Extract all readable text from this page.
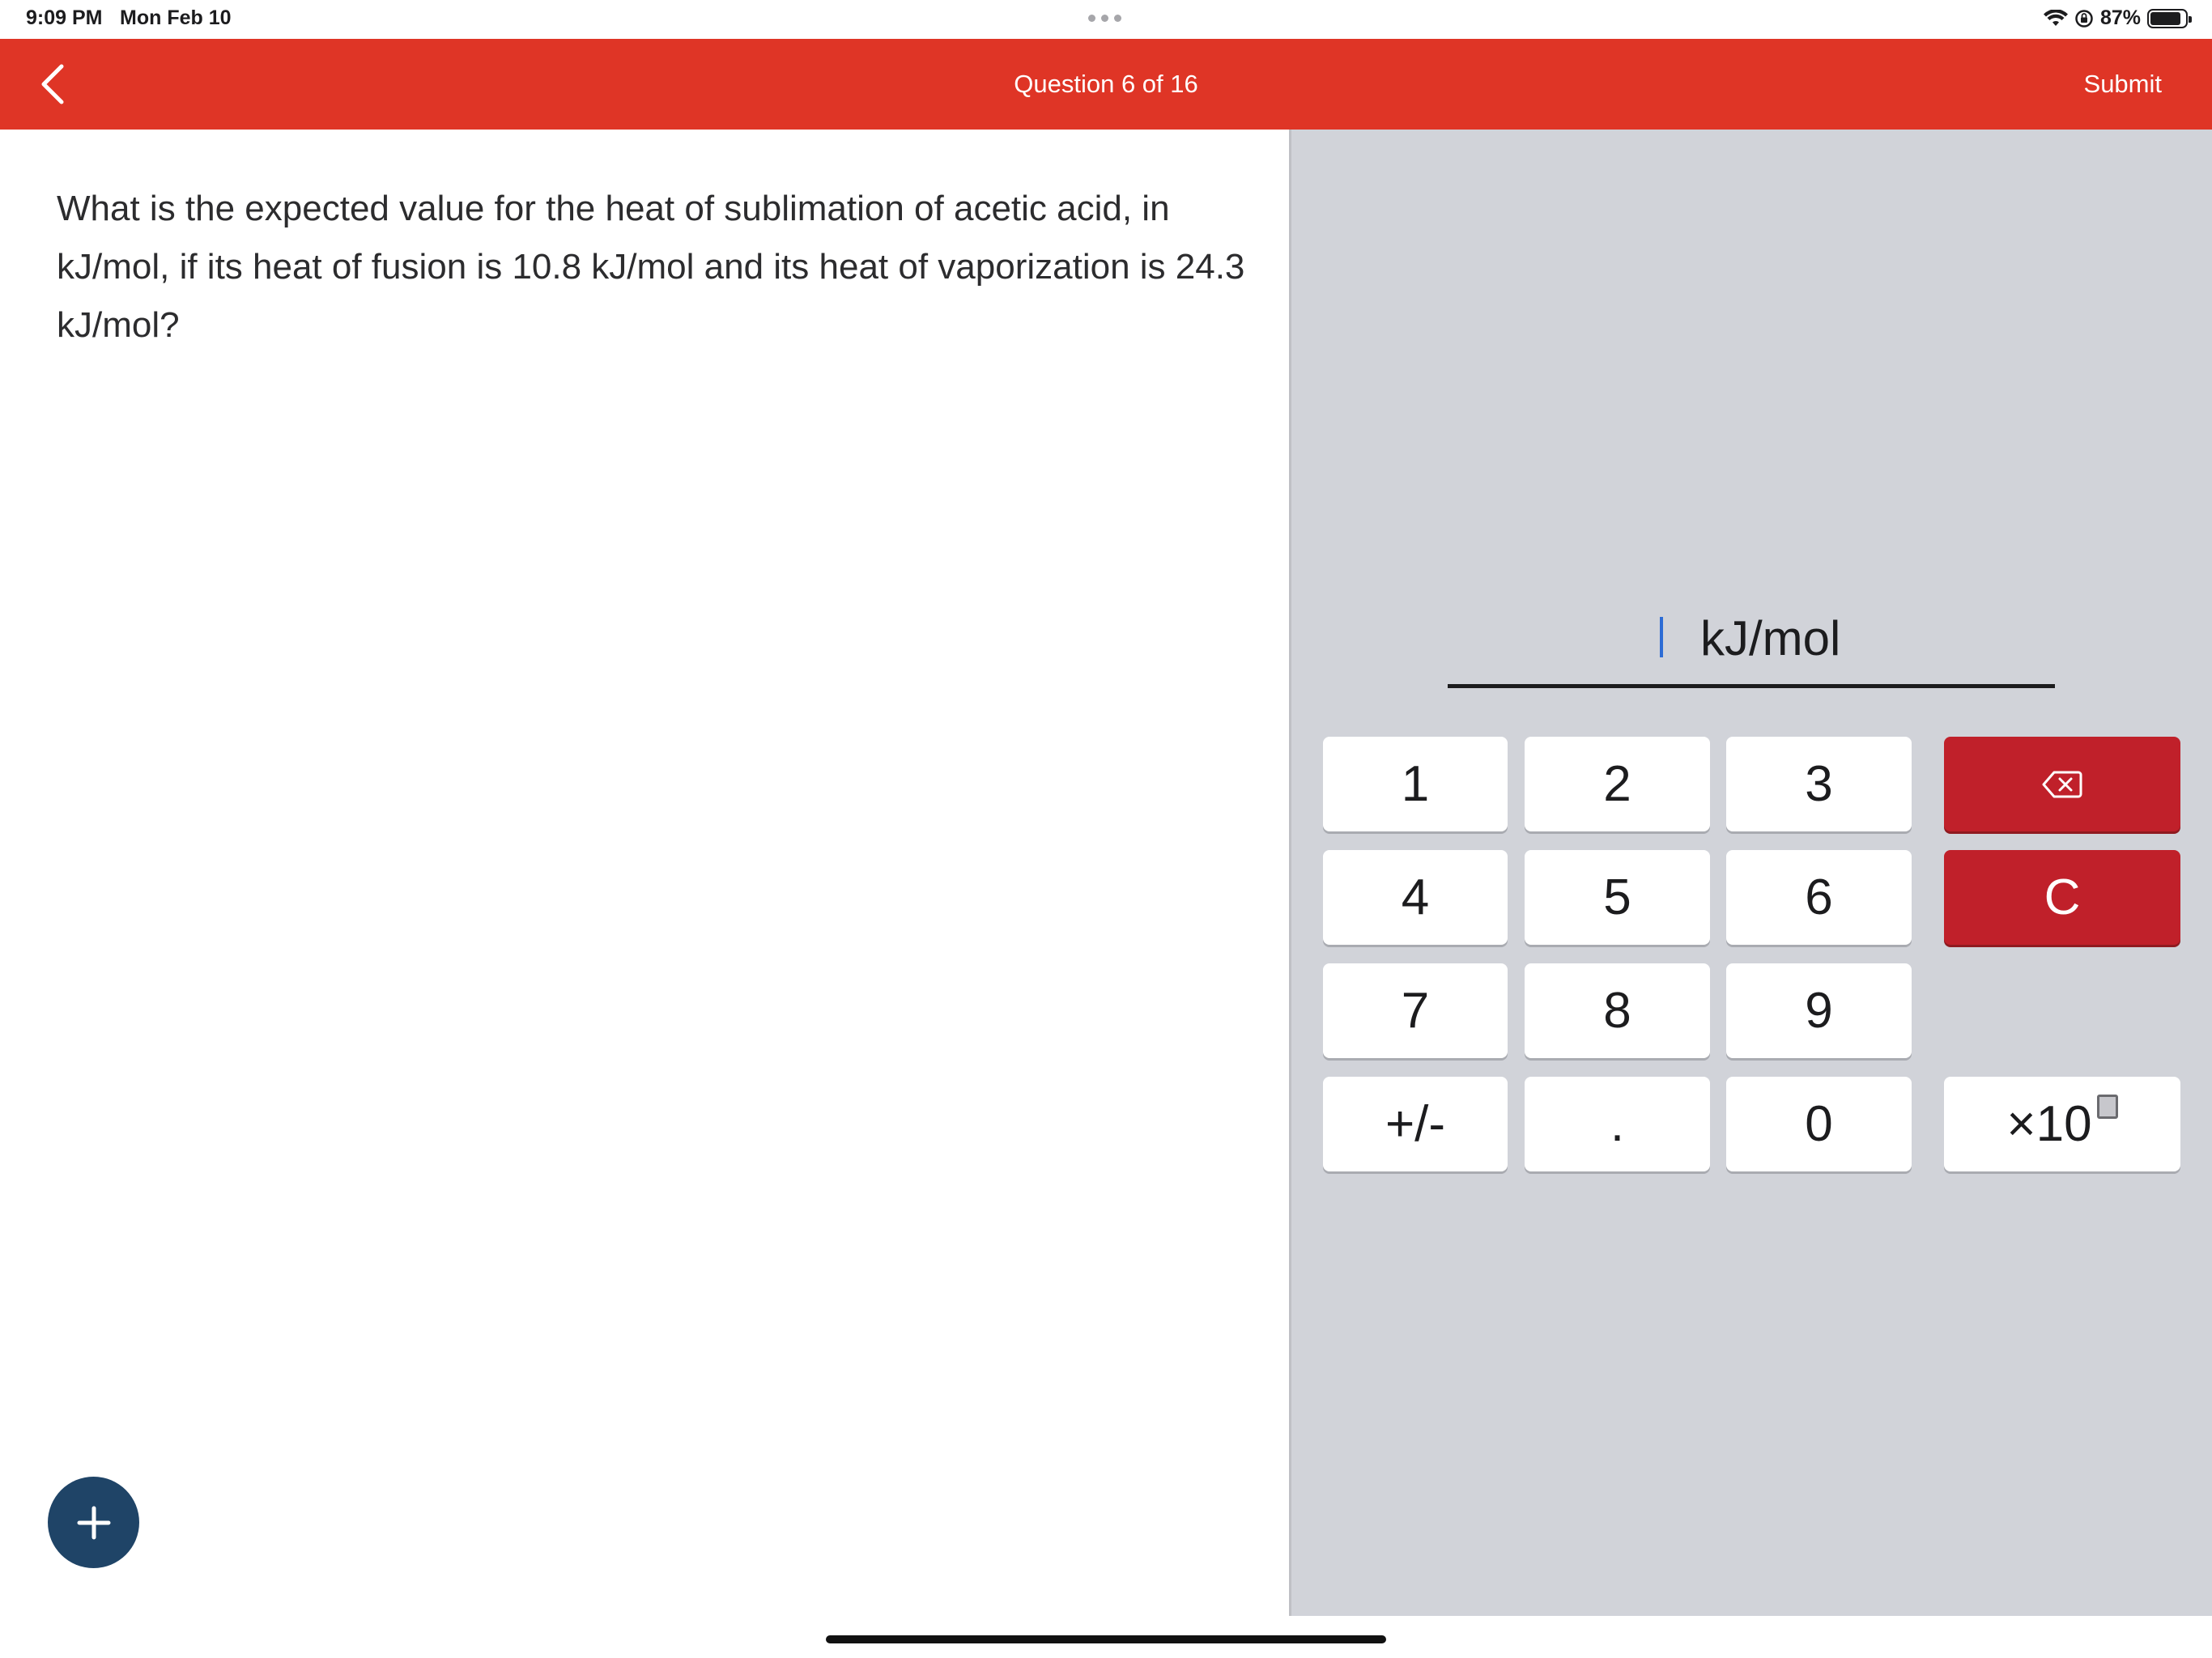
9:09 PM Mon Feb 10	87%
Question 6 of 16	Submit

What is the expected value for the heat of sublimation of acetic acid, in kJ/mol, if its heat of fusion is 10.8 kJ/mol and its heat of vaporization is 24.3 kJ/mol?

kJ/mol
1	2	3
4	5	6	C
7	8	9
+/-	.	0	×10
